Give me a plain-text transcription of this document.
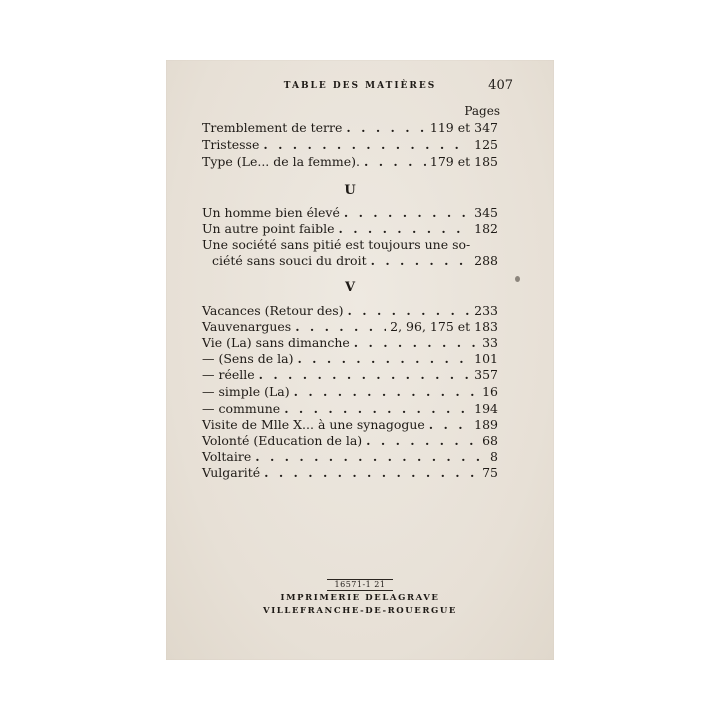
TABLE DES MATIÈRES	407
Pages
Tremblement de terre . . .	119 et 347
Tristesse . . .	125
Type (Le... de la femme). . . .	179 et 185
U
Un homme bien élevé . . .	345
Un autre point faible . . .	182
Une société sans pitié est toujours une so-
ciété sans souci du droit . . .	288
V
Vacances (Retour des) . . .	233
Vauvenargues . . .	2, 96, 175 et 183
Vie (La) sans dimanche . . .	33
— (Sens de la) . . .	101
— réelle . . .	357
— simple (La) . . .	16
— commune . . .	194
Visite de Mlle X... à une synagogue . . .	189
Volonté (Education de la) . . .	68
Voltaire . . .	8
Vulgarité . . .	75
16571-1 21
IMPRIMERIE DELAGRAVE
VILLEFRANCHE-DE-ROUERGUE
